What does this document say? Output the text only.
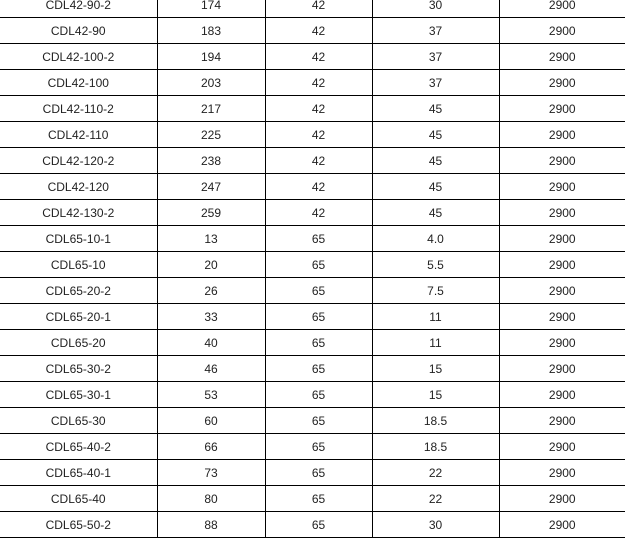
CDL42-90-2	174	42	30	2900
CDL42-90	183	42	37	2900
CDL42-100-2	194	42	37	2900
CDL42-100	203	42	37	2900
CDL42-110-2	217	42	45	2900
CDL42-110	225	42	45	2900
CDL42-120-2	238	42	45	2900
CDL42-120	247	42	45	2900
CDL42-130-2	259	42	45	2900
CDL65-10-1	13	65	4.0	2900
CDL65-10	20	65	5.5	2900
CDL65-20-2	26	65	7.5	2900
CDL65-20-1	33	65	11	2900
CDL65-20	40	65	11	2900
CDL65-30-2	46	65	15	2900
CDL65-30-1	53	65	15	2900
CDL65-30	60	65	18.5	2900
CDL65-40-2	66	65	18.5	2900
CDL65-40-1	73	65	22	2900
CDL65-40	80	65	22	2900
CDL65-50-2	88	65	30	2900
